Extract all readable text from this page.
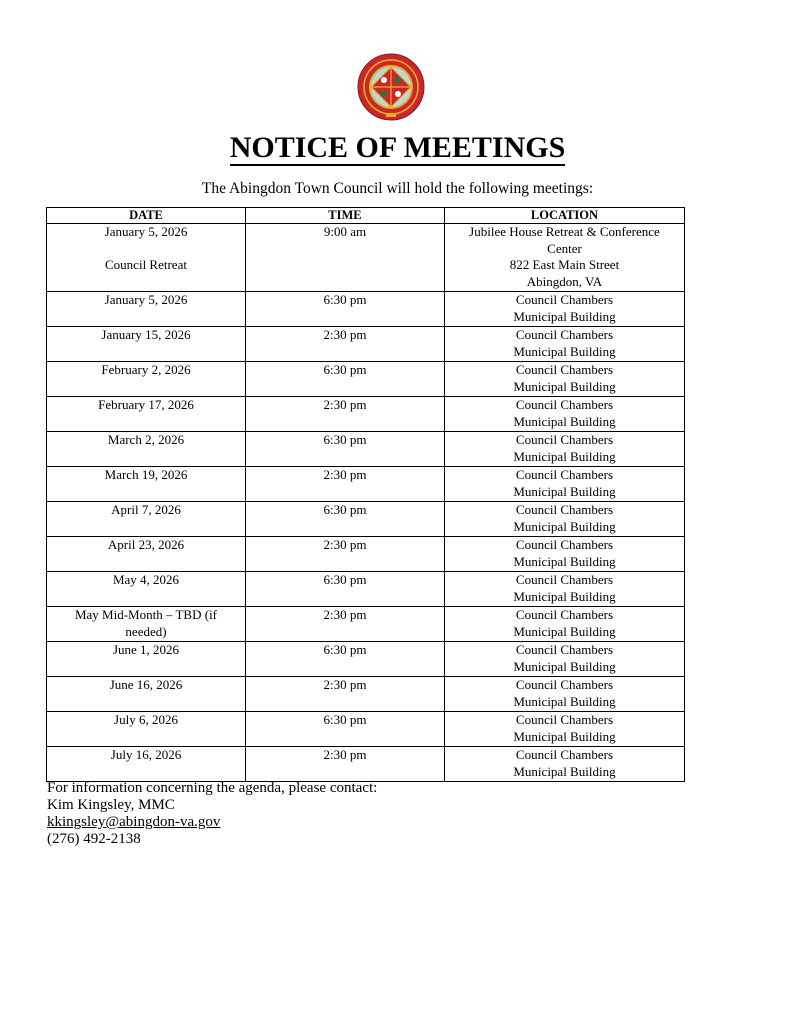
NOTICE OF MEETINGS
The Abingdon Town Council will hold the following meetings:
DATE	TIME	LOCATION

January 5, 2026
Council Retreat	9:00 am	Jubilee House Retreat & Conference
Center
822 East Main Street
Abingdon, VA

January 5, 2026	6:30 pm	Council Chambers
Municipal Building

January 15, 2026	2:30 pm	Council Chambers
Municipal Building

February 2, 2026	6:30 pm	Council Chambers
Municipal Building

February 17, 2026	2:30 pm	Council Chambers
Municipal Building

March 2, 2026	6:30 pm	Council Chambers
Municipal Building

March 19, 2026	2:30 pm	Council Chambers
Municipal Building

April 7, 2026	6:30 pm	Council Chambers
Municipal Building

April 23, 2026	2:30 pm	Council Chambers
Municipal Building

May 4, 2026	6:30 pm	Council Chambers
Municipal Building

May Mid-Month – TBD (if
needed)	2:30 pm	Council Chambers
Municipal Building

June 1, 2026	6:30 pm	Council Chambers
Municipal Building

June 16, 2026	2:30 pm	Council Chambers
Municipal Building

July 6, 2026	6:30 pm	Council Chambers
Municipal Building

July 16, 2026	2:30 pm	Council Chambers
Municipal Building
For information concerning the agenda, please contact:
Kim Kingsley, MMC
kkingsley@abingdon-va.gov
(276) 492-2138
